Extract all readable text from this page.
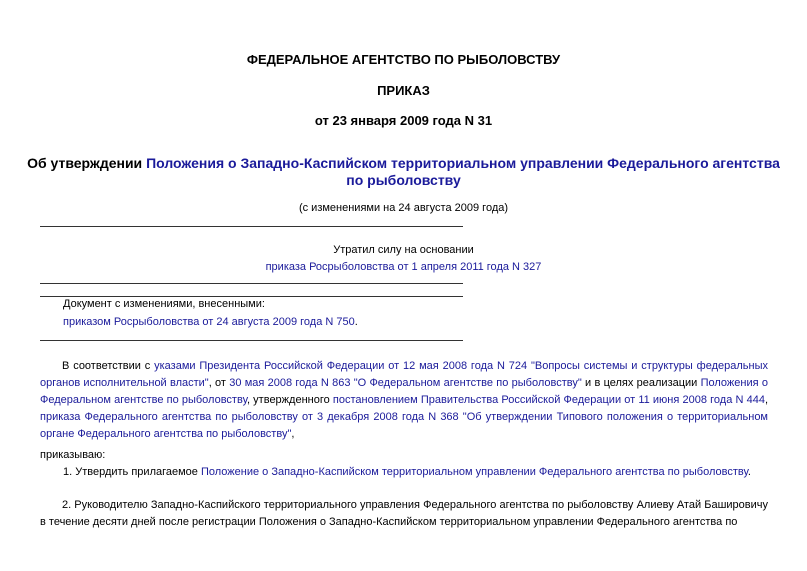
ФЕДЕРАЛЬНОЕ АГЕНТСТВО ПО РЫБОЛОВСТВУ
ПРИКАЗ
от 23 января 2009 года N 31
Об утверждении Положения о Западно-Каспийском территориальном управлении Федерального агентства
по рыболовству
(с изменениями на 24 августа 2009 года)
Утратил силу на основании
приказа Росрыболовства от 1 апреля 2011 года N 327
Документ с изменениями, внесенными:
приказом Росрыболовства от 24 августа 2009 года N 750.
В соответствии с указами Президента Российской Федерации от 12 мая 2008 года N 724 "Вопросы системы и структуры федеральных органов исполнительной власти", от 30 мая 2008 года N 863 "О Федеральном агентстве по рыболовству" и в целях реализации Положения о Федеральном агентстве по рыболовству, утвержденного постановлением Правительства Российской Федерации от 11 июня 2008 года N 444, приказа Федерального агентства по рыболовству от 3 декабря 2008 года N 368 "Об утверждении Типового положения о территориальном органе Федерального агентства по рыболовству",
приказываю:
1. Утвердить прилагаемое Положение о Западно-Каспийском территориальном управлении Федерального агентства по рыболовству.
2. Руководителю Западно-Каспийского территориального управления Федерального агентства по рыболовству Алиеву Атай Башировичу в течение десяти дней после регистрации Положения о Западно-Каспийском территориальном управлении Федерального агентства по
